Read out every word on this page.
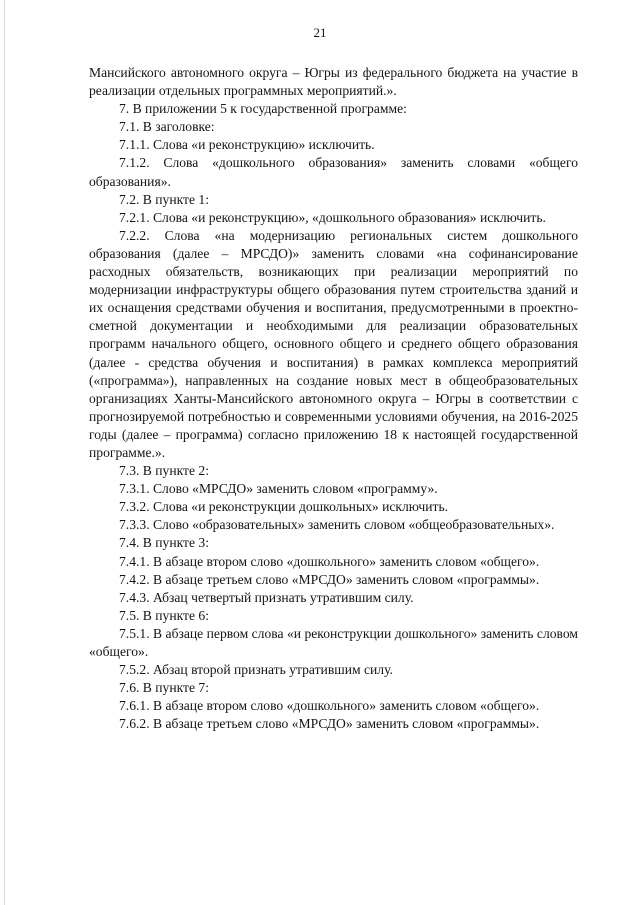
21

Мансийского автономного округа – Югры из федерального бюджета на участие в реализации отдельных программных мероприятий.».

7. В приложении 5 к государственной программе:

7.1. В заголовке:

7.1.1. Слова «и реконструкцию» исключить.

7.1.2. Слова «дошкольного образования» заменить словами «общего образования».

7.2. В пункте 1:

7.2.1. Слова «и реконструкцию», «дошкольного образования» исключить.

7.2.2. Слова «на модернизацию региональных систем дошкольного образования (далее – МРСДО)» заменить словами «на софинансирование расходных обязательств, возникающих при реализации мероприятий по модернизации инфраструктуры общего образования путем строительства зданий и их оснащения средствами обучения и воспитания, предусмотренными в проектно-сметной документации и необходимыми для реализации образовательных программ начального общего, основного общего и среднего общего образования (далее - средства обучения и воспитания) в рамках комплекса мероприятий («программа»), направленных на создание новых мест в общеобразовательных организациях Ханты-Мансийского автономного округа – Югры в соответствии с прогнозируемой потребностью и современными условиями обучения, на 2016-2025 годы (далее – программа) согласно приложению 18 к настоящей государственной программе.».

7.3. В пункте 2:

7.3.1. Слово «МРСДО» заменить словом «программу».

7.3.2. Слова «и реконструкции дошкольных» исключить.

7.3.3. Слово «образовательных» заменить словом «общеобразовательных».

7.4. В пункте 3:

7.4.1. В абзаце втором слово «дошкольного» заменить словом «общего».

7.4.2. В абзаце третьем слово «МРСДО» заменить словом «программы».

7.4.3. Абзац четвертый признать утратившим силу.

7.5. В пункте 6:

7.5.1. В абзаце первом слова «и реконструкции дошкольного» заменить словом «общего».

7.5.2. Абзац второй признать утратившим силу.

7.6. В пункте 7:

7.6.1. В абзаце втором слово «дошкольного» заменить словом «общего».

7.6.2. В абзаце третьем слово «МРСДО» заменить словом «программы».
